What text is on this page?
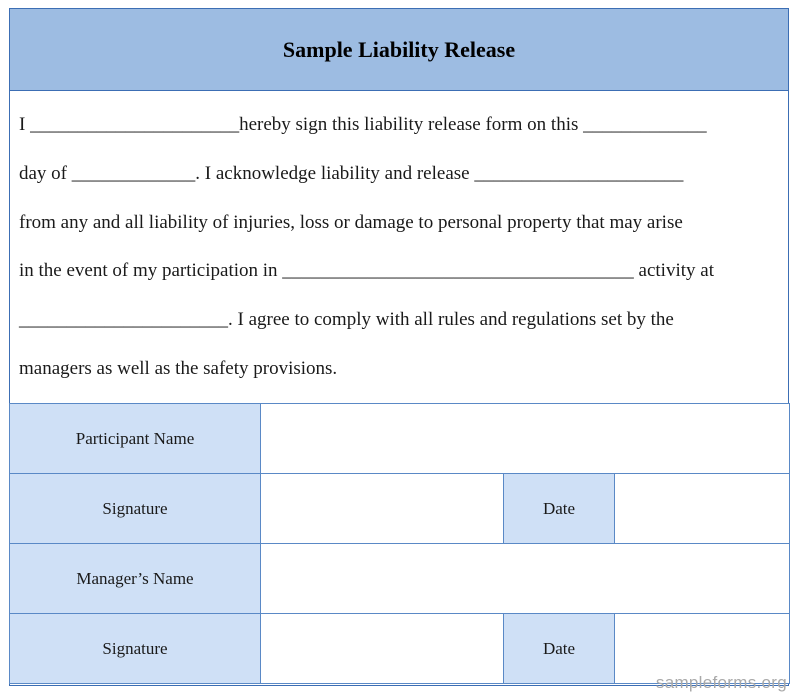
Sample Liability Release

I ______________________hereby sign this liability release form on this _____________

day of _____________. I acknowledge liability and release ______________________

from any and all liability of injuries, loss or damage to personal property that may arise

in the event of my participation in _____________________________________ activity at

______________________. I agree to comply with all rules and regulations set by the

managers as well as the safety provisions.

Participant Name			
Signature		Date	
Manager’s Name			
Signature		Date	
sampleforms.org
